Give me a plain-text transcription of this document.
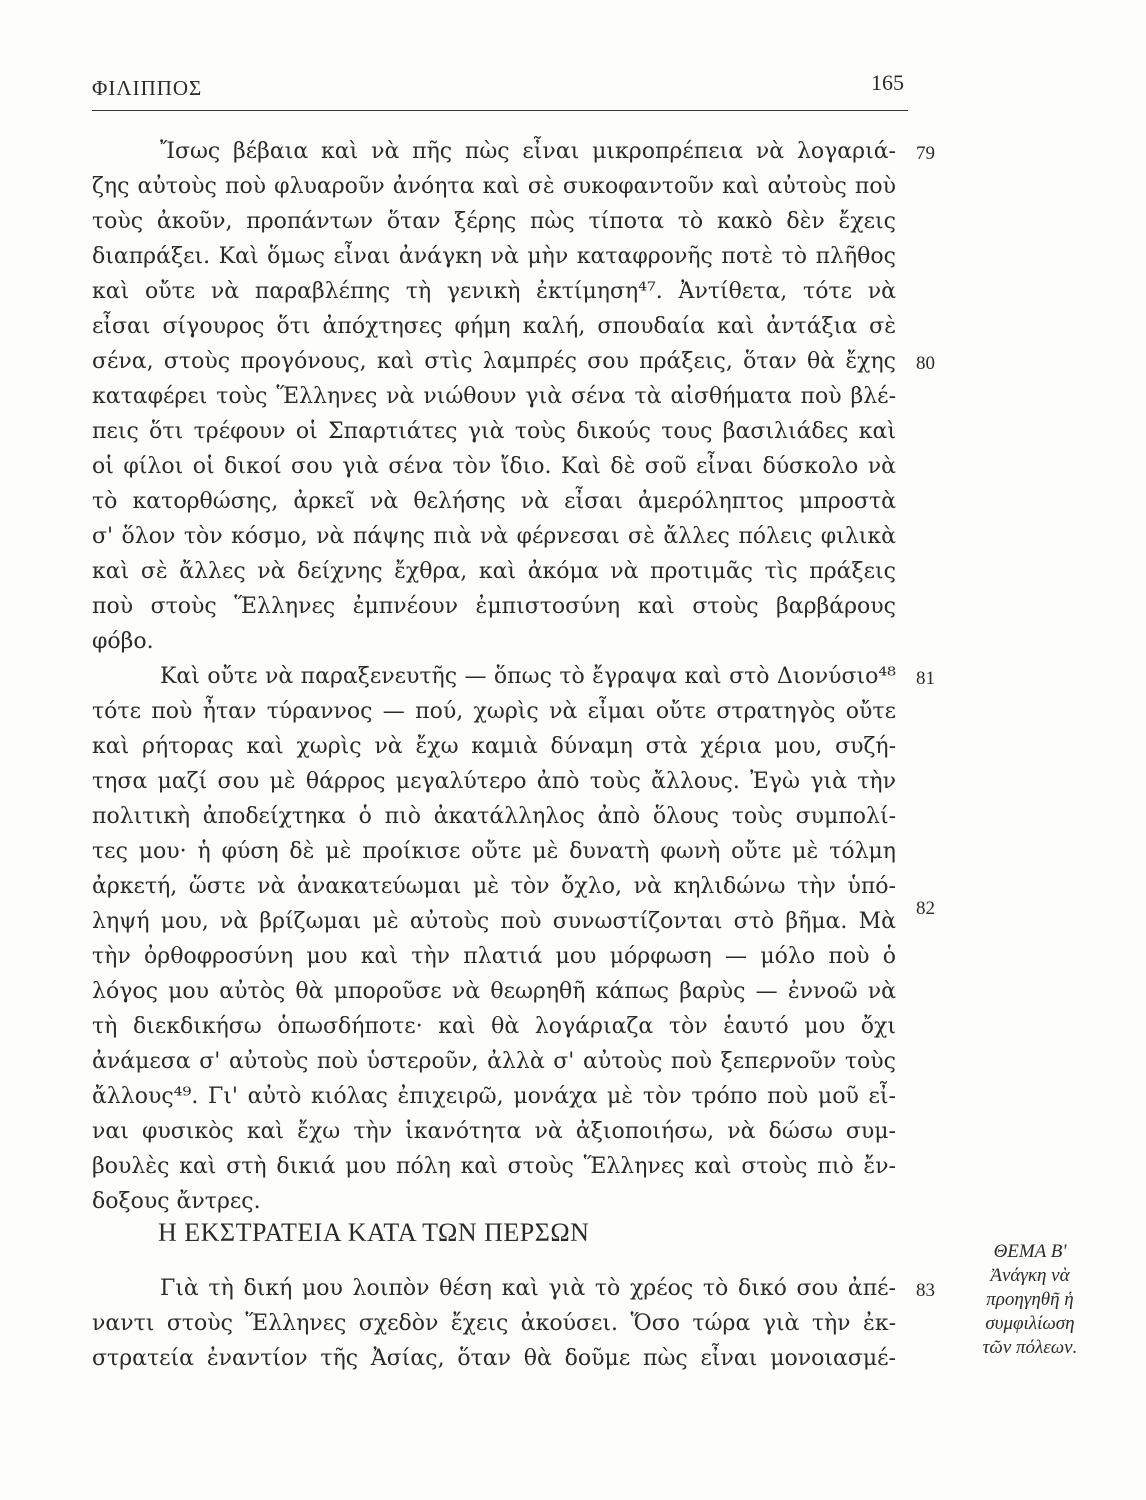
ΦΙΛΙΠΠΟΣ	165
Ἴσως βέβαια καὶ νὰ πῆς πὼς εἶναι μικροπρέπεια νὰ λογαριά-
ζης αὐτοὺς ποὺ φλυαροῦν ἀνόητα καὶ σὲ συκοφαντοῦν καὶ αὐτοὺς ποὺ
τοὺς ἀκοῦν, προπάντων ὅταν ξέρης πὼς τίποτα τὸ κακὸ δὲν ἔχεις
διαπράξει. Καὶ ὅμως εἶναι ἀνάγκη νὰ μὴν καταφρονῆς ποτὲ τὸ πλῆθος
καὶ οὔτε νὰ παραβλέπης τὴ γενικὴ ἐκτίμηση⁴⁷. Ἀντίθετα, τότε νὰ
εἶσαι σίγουρος ὅτι ἀπόχτησες φήμη καλή, σπουδαία καὶ ἀντάξια σὲ
σένα, στοὺς προγόνους, καὶ στὶς λαμπρές σου πράξεις, ὅταν θὰ ἔχης
καταφέρει τοὺς Ἕλληνες νὰ νιώθουν γιὰ σένα τὰ αἰσθήματα ποὺ βλέ-
πεις ὅτι τρέφουν οἱ Σπαρτιάτες γιὰ τοὺς δικούς τους βασιλιάδες καὶ
οἱ φίλοι οἱ δικοί σου γιὰ σένα τὸν ἴδιο. Καὶ δὲ σοῦ εἶναι δύσκολο νὰ
τὸ κατορθώσης, ἀρκεῖ νὰ θελήσης νὰ εἶσαι ἀμερόληπτος μπροστὰ
σ' ὅλον τὸν κόσμο, νὰ πάψης πιὰ νὰ φέρνεσαι σὲ ἄλλες πόλεις φιλικὰ
καὶ σὲ ἄλλες νὰ δείχνης ἔχθρα, καὶ ἀκόμα νὰ προτιμᾶς τὶς πράξεις
ποὺ στοὺς Ἕλληνες ἐμπνέουν ἐμπιστοσύνη καὶ στοὺς βαρβάρους
φόβο.
Καὶ οὔτε νὰ παραξενευτῆς — ὅπως τὸ ἔγραψα καὶ στὸ Διονύσιο⁴⁸
τότε ποὺ ἦταν τύραννος — πού, χωρὶς νὰ εἶμαι οὔτε στρατηγὸς οὔτε
καὶ ρήτορας καὶ χωρὶς νὰ ἔχω καμιὰ δύναμη στὰ χέρια μου, συζή-
τησα μαζί σου μὲ θάρρος μεγαλύτερο ἀπὸ τοὺς ἄλλους. Ἐγὼ γιὰ τὴν
πολιτικὴ ἀποδείχτηκα ὁ πιὸ ἀκατάλληλος ἀπὸ ὅλους τοὺς συμπολί-
τες μου· ἡ φύση δὲ μὲ προίκισε οὔτε μὲ δυνατὴ φωνὴ οὔτε μὲ τόλμη
ἀρκετή, ὥστε νὰ ἀνακατεύωμαι μὲ τὸν ὄχλο, νὰ κηλιδώνω τὴν ὑπό-
ληψή μου, νὰ βρίζωμαι μὲ αὐτοὺς ποὺ συνωστίζονται στὸ βῆμα. Μὰ
τὴν ὀρθοφροσύνη μου καὶ τὴν πλατιά μου μόρφωση — μόλο ποὺ ὁ
λόγος μου αὐτὸς θὰ μποροῦσε νὰ θεωρηθῆ κάπως βαρὺς — ἐννοῶ νὰ
τὴ διεκδικήσω ὁπωσδήποτε· καὶ θὰ λογάριαζα τὸν ἑαυτό μου ὄχι
ἀνάμεσα σ' αὐτοὺς ποὺ ὑστεροῦν, ἀλλὰ σ' αὐτοὺς ποὺ ξεπερνοῦν τοὺς
ἄλλους⁴⁹. Γι' αὐτὸ κιόλας ἐπιχειρῶ, μονάχα μὲ τὸν τρόπο ποὺ μοῦ εἶ-
ναι φυσικὸς καὶ ἔχω τὴν ἱκανότητα νὰ ἀξιοποιήσω, νὰ δώσω συμ-
βουλὲς καὶ στὴ δικιά μου πόλη καὶ στοὺς Ἕλληνες καὶ στοὺς πιὸ ἔν-
δοξους ἄντρες.
Γιὰ τὴ δική μου λοιπὸν θέση καὶ γιὰ τὸ χρέος τὸ δικό σου ἀπέ-
ναντι στοὺς Ἕλληνες σχεδὸν ἔχεις ἀκούσει. Ὅσο τώρα γιὰ τὴν ἐκ-
στρατεία ἐναντίον τῆς Ἀσίας, ὅταν θὰ δοῦμε πὼς εἶναι μονοιασμέ-
Η ΕΚΣΤΡΑΤΕΙΑ ΚΑΤΑ ΤΩΝ ΠΕΡΣΩΝ
79
80
81
82
83
ΘΕΜΑ Β'
Ἀνάγκη νὰ
προηγηθῆ ἡ
συμφιλίωση
τῶν πόλεων.
